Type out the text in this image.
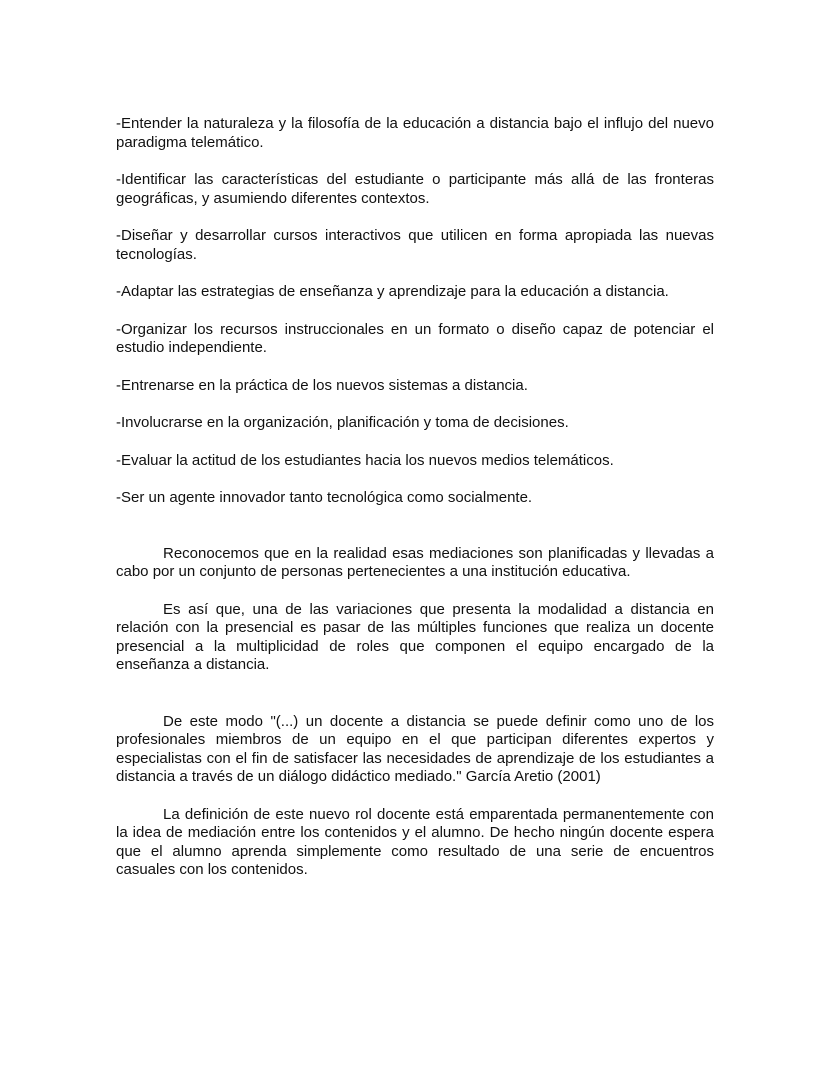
-Entender la naturaleza y la filosofía de la educación a distancia bajo el influjo del nuevo paradigma telemático.

-Identificar las características del estudiante o participante más allá de las fronteras geográficas, y asumiendo diferentes contextos.

-Diseñar y desarrollar cursos interactivos que utilicen en forma apropiada las nuevas tecnologías.

-Adaptar las estrategias de enseñanza y aprendizaje para la educación a distancia.

-Organizar los recursos instruccionales en un formato o diseño capaz de potenciar el estudio independiente.

-Entrenarse en la práctica de los nuevos sistemas a distancia.

-Involucrarse en la organización, planificación y toma de decisiones.

-Evaluar la actitud de los estudiantes hacia los nuevos medios telemáticos.

-Ser un agente innovador tanto tecnológica como socialmente.

Reconocemos que en la realidad esas mediaciones son planificadas y llevadas a cabo por un conjunto de personas pertenecientes a una institución educativa.

Es así que, una de las variaciones que presenta la modalidad a distancia en relación con la presencial es pasar de las múltiples funciones que realiza un docente presencial a la multiplicidad de roles que componen el equipo encargado de la enseñanza a distancia.

De este modo "(...) un docente a distancia se puede definir como uno de los profesionales miembros de un equipo en el que participan diferentes expertos y especialistas con el fin de satisfacer las necesidades de aprendizaje de los estudiantes a distancia a través de un diálogo didáctico mediado." García Aretio (2001)

La definición de este nuevo rol docente está emparentada permanentemente con la idea de mediación entre los contenidos y el alumno. De hecho ningún docente espera que el alumno aprenda simplemente como resultado de una serie de encuentros casuales con los contenidos.
